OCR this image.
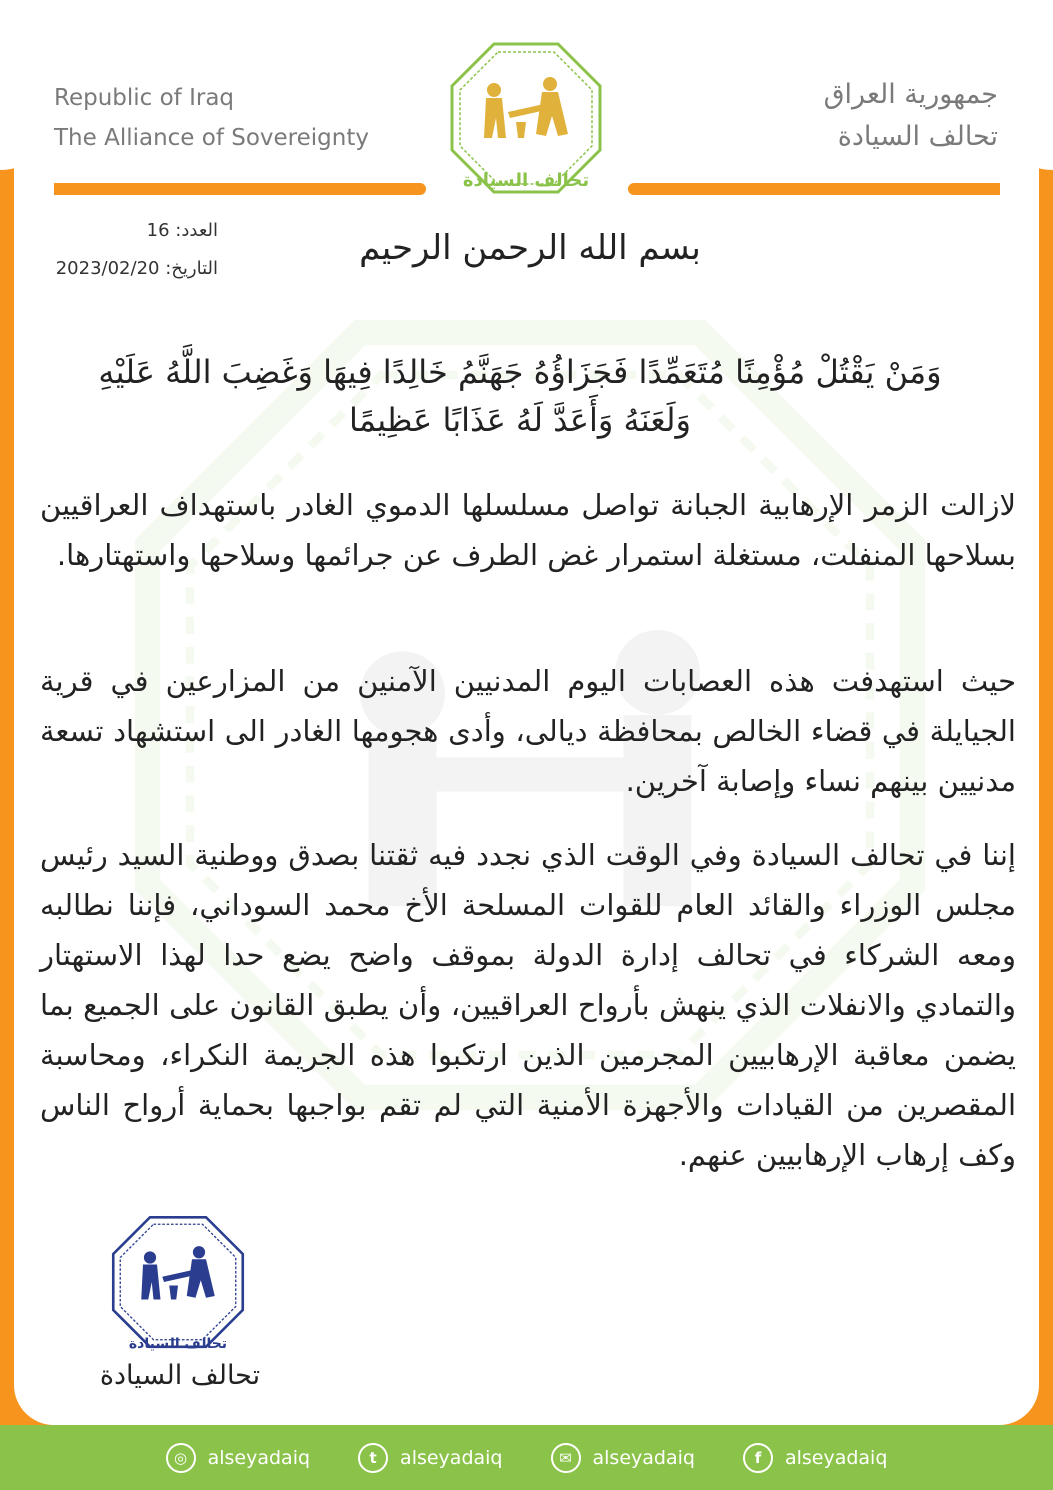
Republic of Iraq
The Alliance of Sovereignty
جمهورية العراق
تحالف السيادة
تحالف السيادة
العدد: 16
التاريخ: 2023/02/20
بسم الله الرحمن الرحيم
وَمَنْ يَقْتُلْ مُؤْمِنًا مُتَعَمِّدًا فَجَزَاؤُهُ جَهَنَّمُ خَالِدًا فِيهَا وَغَضِبَ اللَّهُ عَلَيْهِ وَلَعَنَهُ وَأَعَدَّ لَهُ عَذَابًا عَظِيمًا
لازالت الزمر الإرهابية الجبانة تواصل مسلسلها الدموي الغادر باستهداف العراقيين بسلاحها المنفلت، مستغلة استمرار غض الطرف عن جرائمها وسلاحها واستهتارها.
حيث استهدفت هذه العصابات اليوم المدنيين الآمنين من المزارعين في قرية الجيايلة في قضاء الخالص بمحافظة ديالى، وأدى هجومها الغادر الى استشهاد تسعة مدنيين بينهم نساء وإصابة آخرين.
إننا في تحالف السيادة وفي الوقت الذي نجدد فيه ثقتنا بصدق ووطنية السيد رئيس مجلس الوزراء والقائد العام للقوات المسلحة الأخ محمد السوداني، فإننا نطالبه ومعه الشركاء في تحالف إدارة الدولة بموقف واضح يضع حدا لهذا الاستهتار والتمادي والانفلات الذي ينهش بأرواح العراقيين، وأن يطبق القانون على الجميع بما يضمن معاقبة الإرهابيين المجرمين الذين ارتكبوا هذه الجريمة النكراء، ومحاسبة المقصرين من القيادات والأجهزة الأمنية التي لم تقم بواجبها بحماية أرواح الناس وكف إرهاب الإرهابيين عنهم.
تحالف السيادة
تحالف السيادة
◎	alseyadaiq	t	alseyadaiq	✉	alseyadaiq	f	alseyadaiq
